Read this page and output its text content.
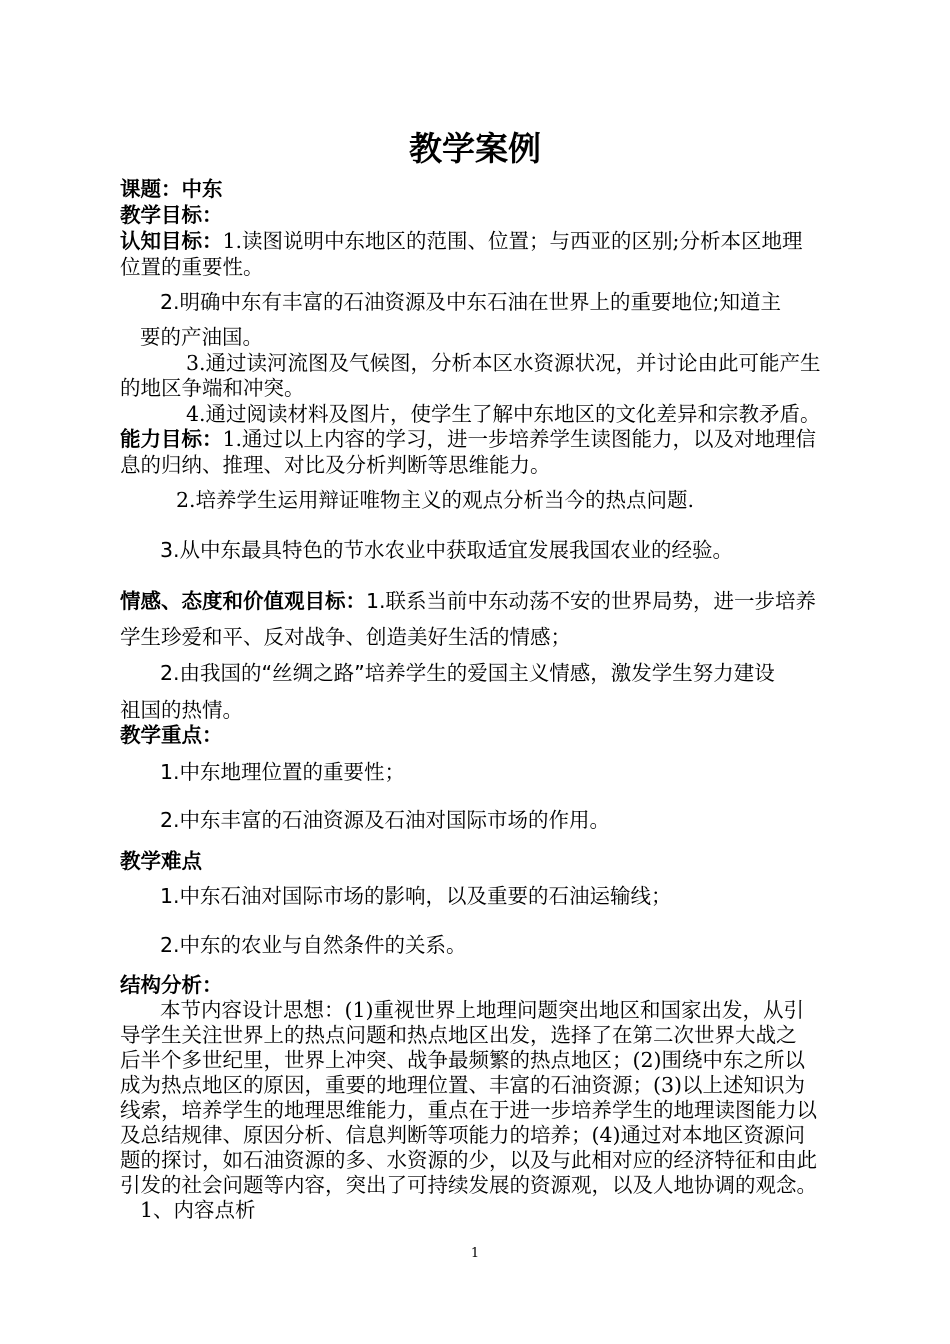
教学案例
课题：中东
教学目标：
认知目标：1.读图说明中东地区的范围、位置；与西亚的区别;分析本区地理
位置的重要性。
2.明确中东有丰富的石油资源及中东石油在世界上的重要地位;知道主
要的产油国。
3.通过读河流图及气候图，分析本区水资源状况，并讨论由此可能产生
的地区争端和冲突。
4.通过阅读材料及图片，使学生了解中东地区的文化差异和宗教矛盾。
能力目标：1.通过以上内容的学习，进一步培养学生读图能力，以及对地理信
息的归纳、推理、对比及分析判断等思维能力。
2.培养学生运用辩证唯物主义的观点分析当今的热点问题.
3.从中东最具特色的节水农业中获取适宜发展我国农业的经验。
情感、态度和价值观目标：1.联系当前中东动荡不安的世界局势，进一步培养
学生珍爱和平、反对战争、创造美好生活的情感；
2.由我国的“丝绸之路”培养学生的爱国主义情感，激发学生努力建设
祖国的热情。
教学重点：
1.中东地理位置的重要性；
2.中东丰富的石油资源及石油对国际市场的作用。
教学难点
1.中东石油对国际市场的影响，以及重要的石油运输线；
2.中东的农业与自然条件的关系。
结构分析：
本节内容设计思想：(1)重视世界上地理问题突出地区和国家出发，从引
导学生关注世界上的热点问题和热点地区出发，选择了在第二次世界大战之
后半个多世纪里，世界上冲突、战争最频繁的热点地区；(2)围绕中东之所以
成为热点地区的原因，重要的地理位置、丰富的石油资源；(3)以上述知识为
线索，培养学生的地理思维能力，重点在于进一步培养学生的地理读图能力以
及总结规律、原因分析、信息判断等项能力的培养；(4)通过对本地区资源问
题的探讨，如石油资源的多、水资源的少，以及与此相对应的经济特征和由此
引发的社会问题等内容，突出了可持续发展的资源观，以及人地协调的观念。
1、内容点析
1
